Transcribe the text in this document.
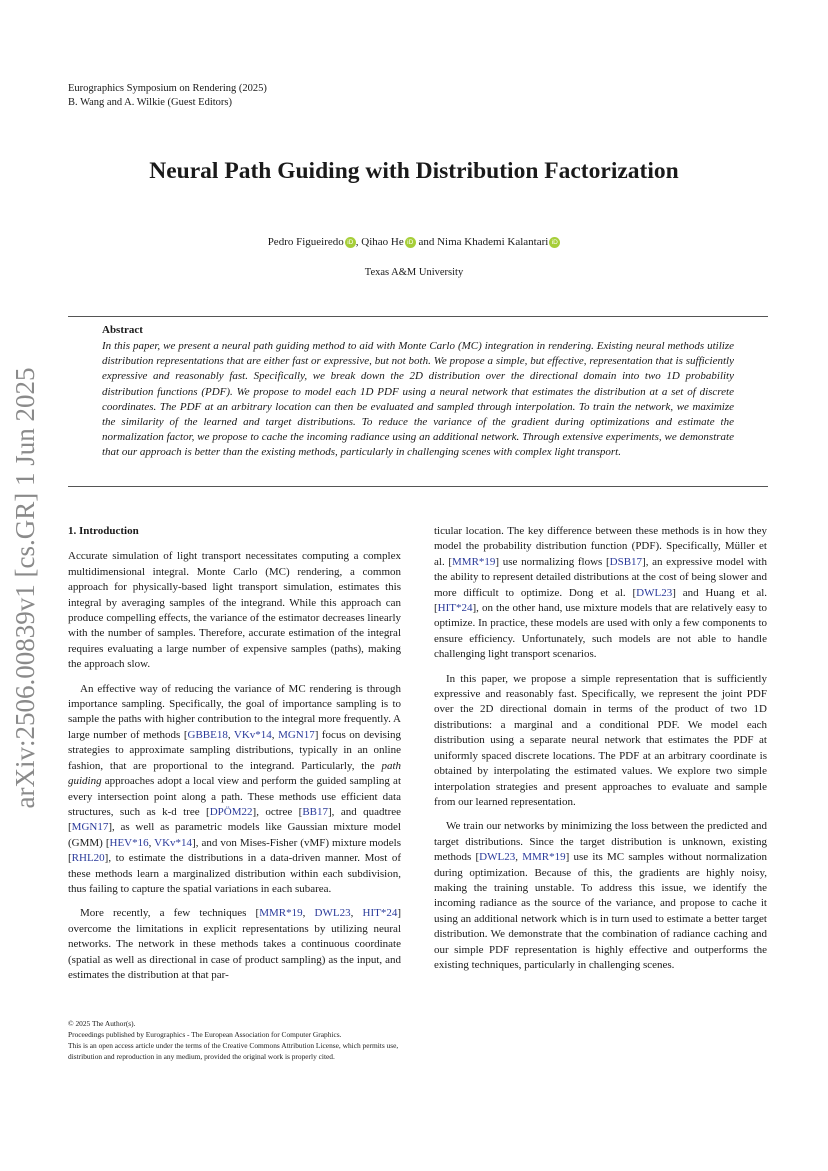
Eurographics Symposium on Rendering (2025)
B. Wang and A. Wilkie (Guest Editors)
Neural Path Guiding with Distribution Factorization
Pedro Figueiredo iD , Qihao He iD and Nima Khademi Kalantari iD
Texas A&M University
Abstract
In this paper, we present a neural path guiding method to aid with Monte Carlo (MC) integration in rendering. Existing neural methods utilize distribution representations that are either fast or expressive, but not both. We propose a simple, but effective, representation that is sufficiently expressive and reasonably fast. Specifically, we break down the 2D distribution over the directional domain into two 1D probability distribution functions (PDF). We propose to model each 1D PDF using a neural network that estimates the distribution at a set of discrete coordinates. The PDF at an arbitrary location can then be evaluated and sampled through interpolation. To train the network, we maximize the similarity of the learned and target distributions. To reduce the variance of the gradient during optimizations and estimate the normalization factor, we propose to cache the incoming radiance using an additional network. Through extensive experiments, we demonstrate that our approach is better than the existing methods, particularly in challenging scenes with complex light transport.
arXiv:2506.00839v1 [cs.GR] 1 Jun 2025	1. Introduction

Accurate simulation of light transport necessitates computing a complex multidimensional integral. Monte Carlo (MC) rendering, a common approach for physically-based light transport simulation, estimates this integral by averaging samples of the integrand. While this approach can produce compelling effects, the variance of the estimator decreases linearly with the number of samples. Therefore, accurate estimation of the integral requires evaluating a large number of expensive samples (paths), making the approach slow.

An effective way of reducing the variance of MC rendering is through importance sampling. Specifically, the goal of importance sampling is to sample the paths with higher contribution to the integral more frequently. A large number of methods [GBBE18, VKv*14, MGN17] focus on devising strategies to approximate sampling distributions, typically in an online fashion, that are proportional to the integrand. Particularly, the path guiding approaches adopt a local view and perform the guided sampling at every intersection point along a path. These methods use efficient data structures, such as k-d tree [DPÖM22], octree [BB17], and quadtree [MGN17], as well as parametric models like Gaussian mixture model (GMM) [HEV*16, VKv*14], and von Mises-Fisher (vMF) mixture models [RHL20], to estimate the distributions in a data-driven manner. Most of these methods learn a marginalized distribution within each subdivision, thus failing to capture the spatial variations in each subarea.

More recently, a few techniques [MMR*19, DWL23, HIT*24] overcome the limitations in explicit representations by utilizing neural networks. The network in these methods takes a continuous coordinate (spatial as well as directional in case of product sampling) as the input, and estimates the distribution at that par-

ticular location. The key difference between these methods is in how they model the probability distribution function (PDF). Specifically, Müller et al. [MMR*19] use normalizing flows [DSB17], an expressive model with the ability to represent detailed distributions at the cost of being slower and more difficult to optimize. Dong et al. [DWL23] and Huang et al. [HIT*24], on the other hand, use mixture models that are relatively easy to optimize. In practice, these models are used with only a few components to ensure efficiency. Unfortunately, such models are not able to handle challenging light transport scenarios.

In this paper, we propose a simple representation that is sufficiently expressive and reasonably fast. Specifically, we represent the joint PDF over the 2D directional domain in terms of the product of two 1D distributions: a marginal and a conditional PDF. We model each distribution using a separate neural network that estimates the PDF at uniformly spaced discrete locations. The PDF at an arbitrary coordinate is obtained by interpolating the estimated values. We explore two simple interpolation strategies and present approaches to evaluate and sample from our learned representation.

We train our networks by minimizing the loss between the predicted and target distributions. Since the target distribution is unknown, existing methods [DWL23, MMR*19] use its MC samples without normalization during optimization. Because of this, the gradients are highly noisy, making the training unstable. To address this issue, we identify the incoming radiance as the source of the variance, and propose to cache it using an additional network which is in turn used to estimate a better target distribution. We demonstrate that the combination of radiance caching and our simple PDF representation is highly effective and outperforms the existing techniques, particularly in challenging scenes.

© 2025 The Author(s).
Proceedings published by Eurographics - The European Association for Computer Graphics.
This is an open access article under the terms of the Creative Commons Attribution License, which permits use, distribution and reproduction in any medium, provided the original work is properly cited.
